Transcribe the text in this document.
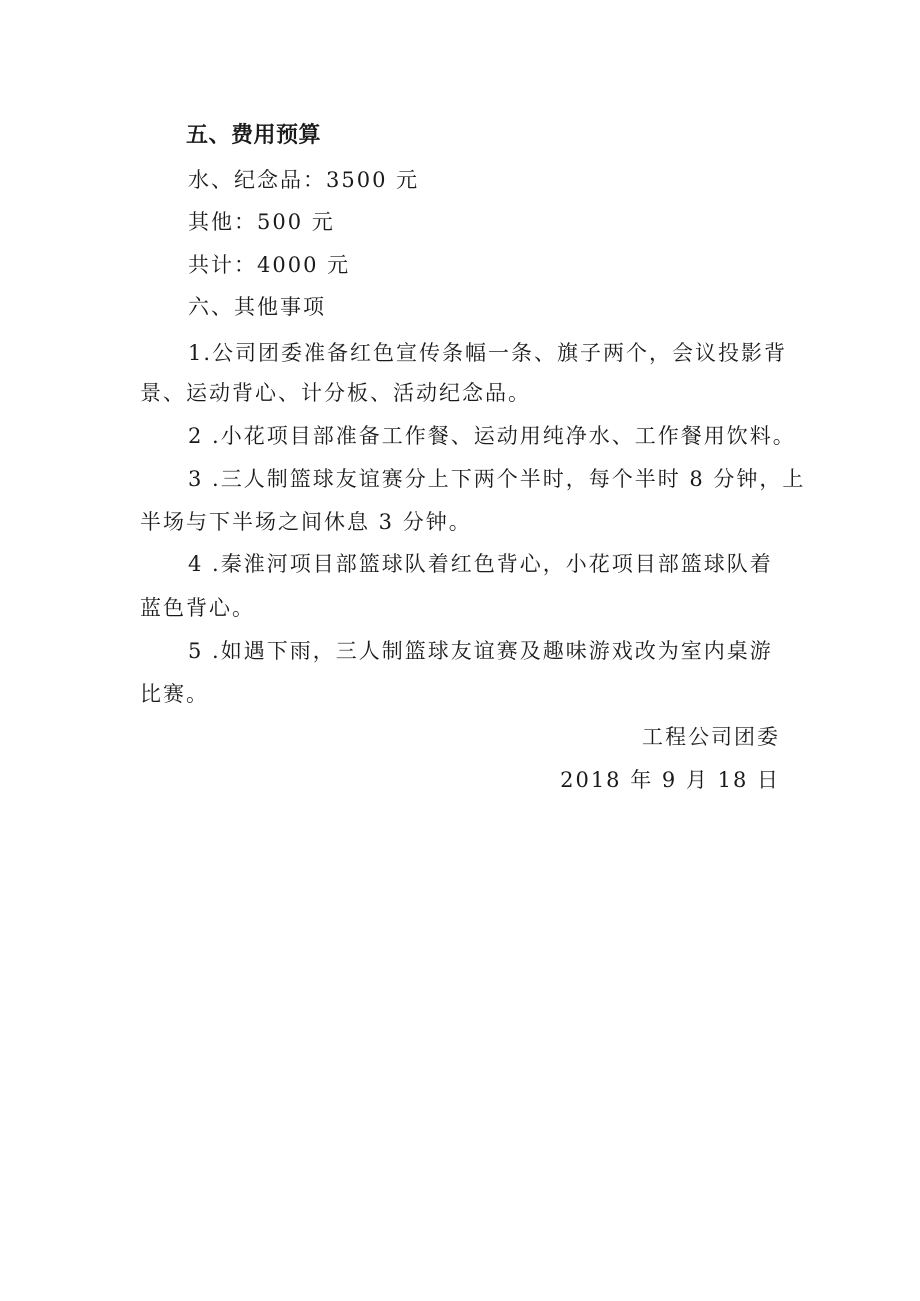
五、费用预算
水、纪念品：3500 元
其他：500 元
共计：4000 元
六、其他事项
1.公司团委准备红色宣传条幅一条、旗子两个，会议投影背
景、运动背心、计分板、活动纪念品。
2 .小花项目部准备工作餐、运动用纯净水、工作餐用饮料。
3 .三人制篮球友谊赛分上下两个半时，每个半时 8 分钟，上
半场与下半场之间休息 3 分钟。
4 .秦淮河项目部篮球队着红色背心，小花项目部篮球队着
蓝色背心。
5 .如遇下雨，三人制篮球友谊赛及趣味游戏改为室内桌游
比赛。
工程公司团委
2018 年 9 月 18 日
